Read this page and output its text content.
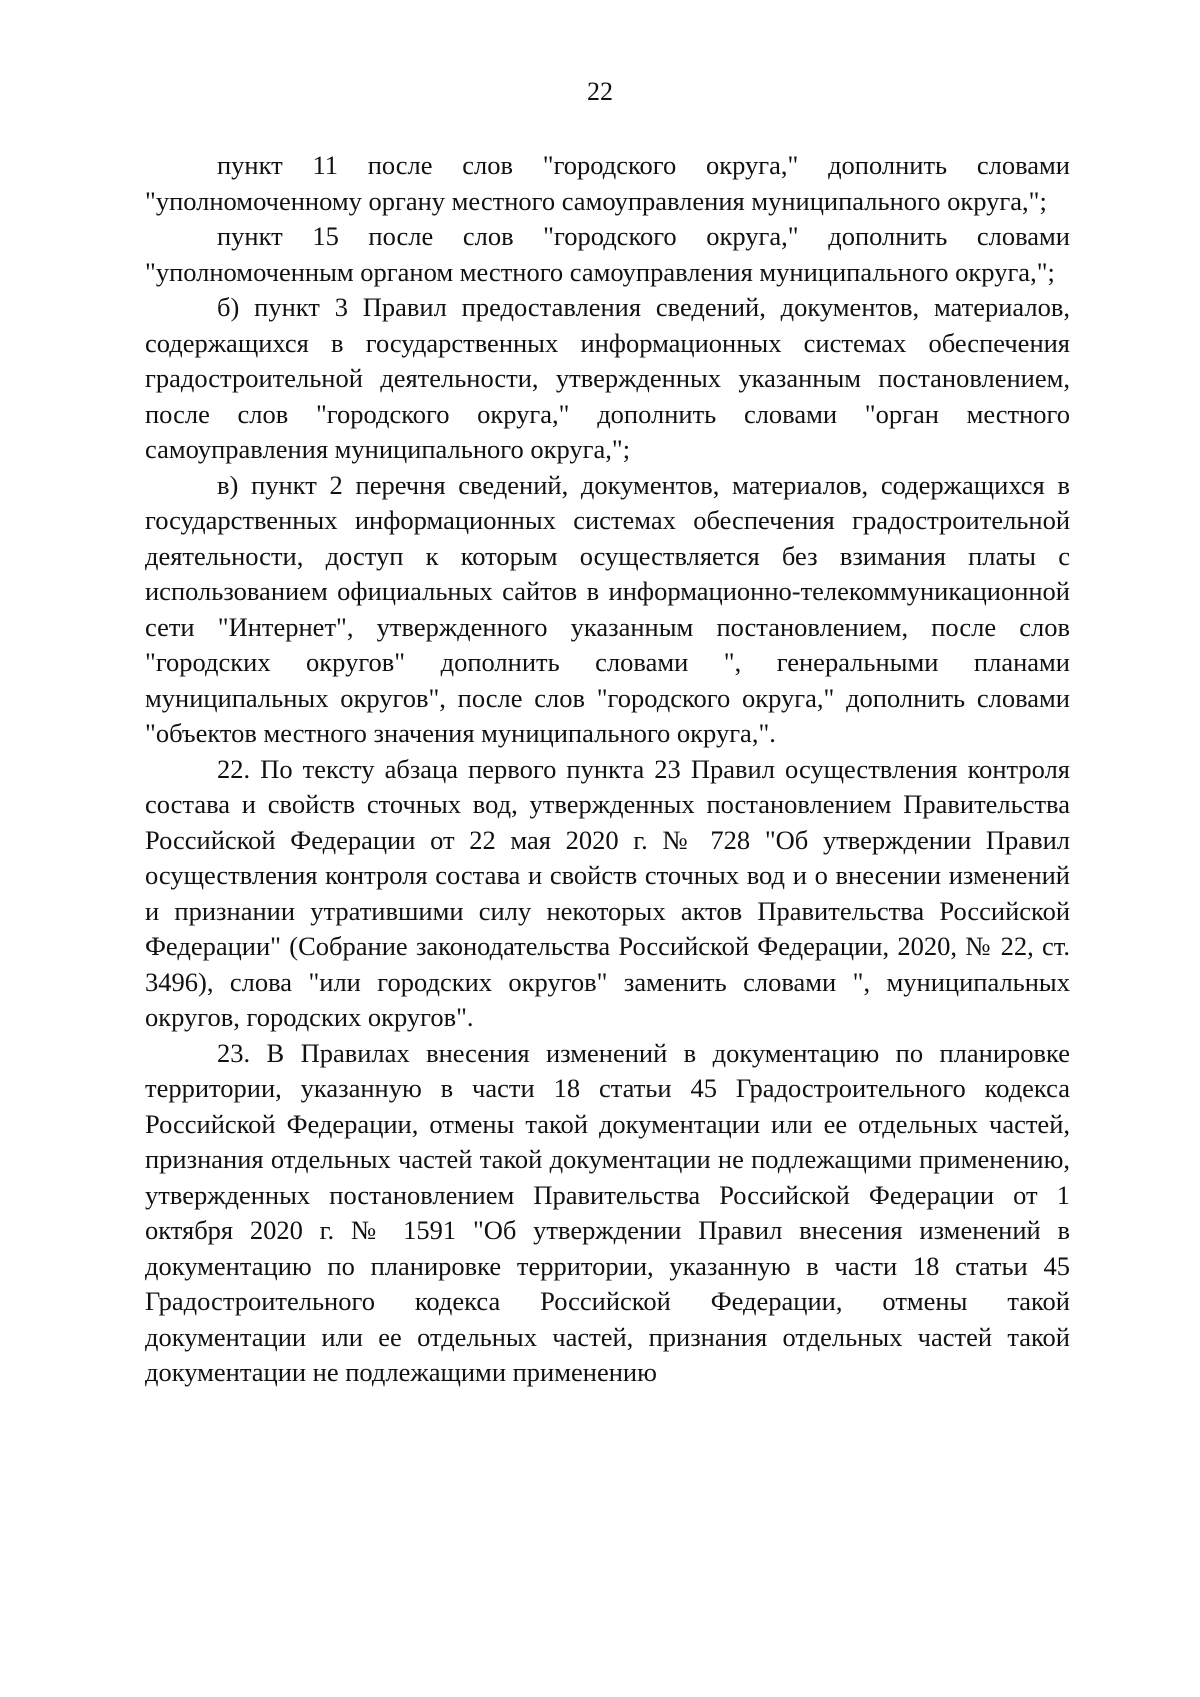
22

пункт 11 после слов "городского округа," дополнить словами "уполномоченному органу местного самоуправления муниципального округа,";

пункт 15 после слов "городского округа," дополнить словами "уполномоченным органом местного самоуправления муниципального округа,";

б) пункт 3 Правил предоставления сведений, документов, материалов, содержащихся в государственных информационных системах обеспечения градостроительной деятельности, утвержденных указанным постановлением, после слов "городского округа," дополнить словами "орган местного самоуправления муниципального округа,";

в) пункт 2 перечня сведений, документов, материалов, содержащихся в государственных информационных системах обеспечения градостроительной деятельности, доступ к которым осуществляется без взимания платы с использованием официальных сайтов в информационно-телекоммуникационной сети "Интернет", утвержденного указанным постановлением, после слов "городских округов" дополнить словами ", генеральными планами муниципальных округов", после слов "городского округа," дополнить словами "объектов местного значения муниципального округа,".

22. По тексту абзаца первого пункта 23 Правил осуществления контроля состава и свойств сточных вод, утвержденных постановлением Правительства Российской Федерации от 22 мая 2020 г. № 728 "Об утверждении Правил осуществления контроля состава и свойств сточных вод и о внесении изменений и признании утратившими силу некоторых актов Правительства Российской Федерации" (Собрание законодательства Российской Федерации, 2020, № 22, ст. 3496), слова "или городских округов" заменить словами ", муниципальных округов, городских округов".

23. В Правилах внесения изменений в документацию по планировке территории, указанную в части 18 статьи 45 Градостроительного кодекса Российской Федерации, отмены такой документации или ее отдельных частей, признания отдельных частей такой документации не подлежащими применению, утвержденных постановлением Правительства Российской Федерации от 1 октября 2020 г. № 1591 "Об утверждении Правил внесения изменений в документацию по планировке территории, указанную в части 18 статьи 45 Градостроительного кодекса Российской Федерации, отмены такой документации или ее отдельных частей, признания отдельных частей такой документации не подлежащими применению
